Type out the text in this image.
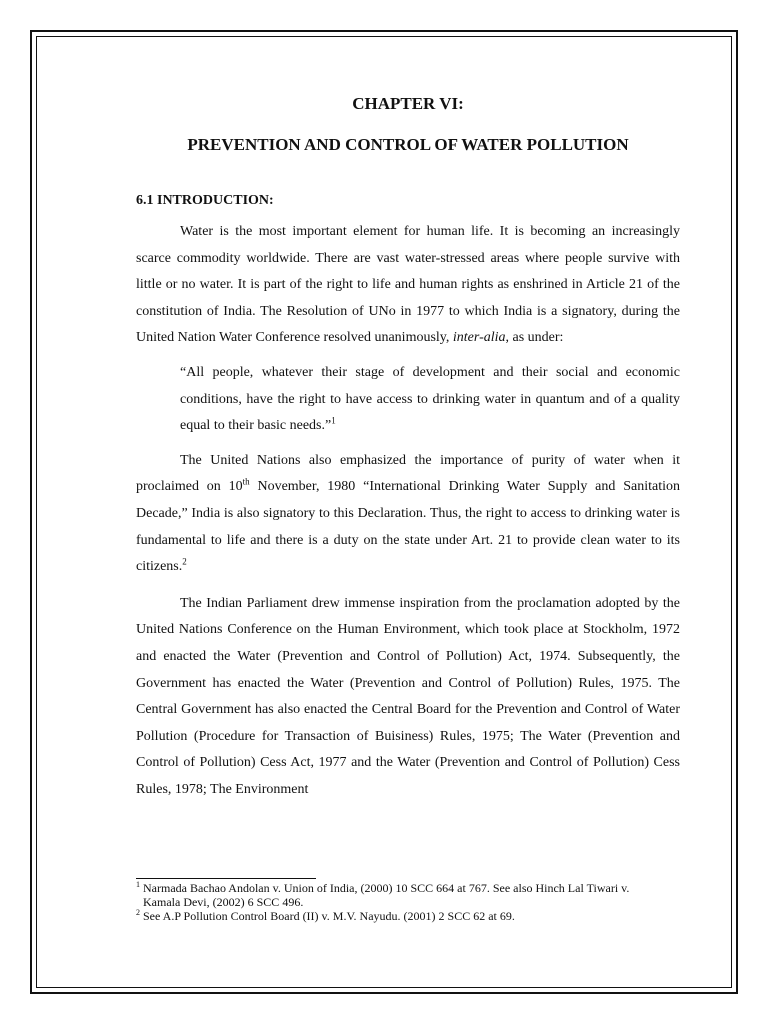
CHAPTER VI:
PREVENTION AND CONTROL OF WATER POLLUTION
6.1 INTRODUCTION:

Water is the most important element for human life. It is becoming an increasingly scarce commodity worldwide. There are vast water-stressed areas where people survive with little or no water. It is part of the right to life and human rights as enshrined in Article 21 of the constitution of India. The Resolution of UNo in 1977 to which India is a signatory, during the United Nation Water Conference resolved unanimously, inter-alia, as under:

“All people, whatever their stage of development and their social and economic conditions, have the right to have access to drinking water in quantum and of a quality equal to their basic needs.”$^1$

The United Nations also emphasized the importance of purity of water when it proclaimed on 10th November, 1980 “International Drinking Water Supply and Sanitation Decade,” India is also signatory to this Declaration. Thus, the right to access to drinking water is fundamental to life and there is a duty on the state under Art. 21 to provide clean water to its citizens.$^2$

The Indian Parliament drew immense inspiration from the proclamation adopted by the United Nations Conference on the Human Environment, which took place at Stockholm, 1972 and enacted the Water (Prevention and Control of Pollution) Act, 1974. Subsequently, the Government has enacted the Water (Prevention and Control of Pollution) Rules, 1975. The Central Government has also enacted the Central Board for the Prevention and Control of Water Pollution (Procedure for Transaction of Buisiness) Rules, 1975; The Water (Prevention and Control of Pollution) Cess Act, 1977 and the Water (Prevention and Control of Pollution) Cess Rules, 1978; The Environment

$^1$ Narmada Bachao Andolan v. Union of India, (2000) 10 SCC 664 at 767. See also Hinch Lal Tiwari v.
Kamala Devi, (2002) 6 SCC 496.

$^2$ See A.P Pollution Control Board (II) v. M.V. Nayudu. (2001) 2 SCC 62 at 69.
